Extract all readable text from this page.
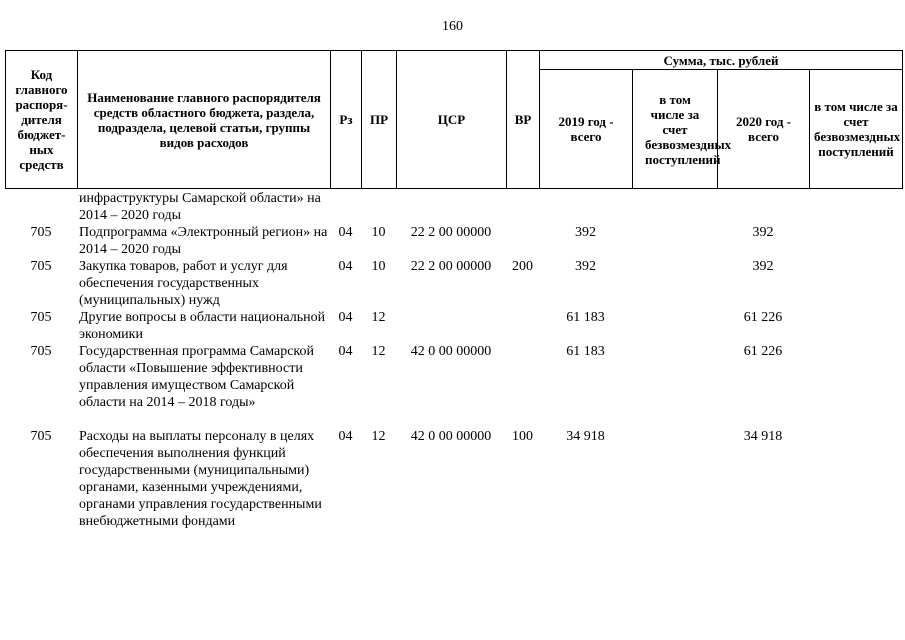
160
Код главного распоря-дителя бюджет-ных средств	Наименование главного распорядителя средств областного бюджета, раздела, подраздела, целевой статьи, группы видов расходов	Рз	ПР	ЦСР	ВР	Сумма, тыс. рублей			
						2019 год - всего	в том числе за счет безвозмездных поступлений	2020 год - всего	в том числе за счет безвозмездных поступлений
	инфраструктуры Самарской области» на 2014 – 2020 годы								
705	Подпрограмма «Электронный регион» на 2014 – 2020 годы	04	10	22 2 00 00000		392		392	
705	Закупка товаров, работ и услуг для обеспечения государственных (муниципальных) нужд	04	10	22 2 00 00000	200	392		392	
705	Другие вопросы в области национальной экономики	04	12			61 183		61 226	
705	Государственная программа Самарской области «Повышение эффективности управления имуществом Самарской области на 2014 – 2018 годы»	04	12	42 0 00 00000		61 183		61 226	
705	Расходы на выплаты персоналу в целях обеспечения выполнения функций государственными (муниципальными) органами, казенными учреждениями, органами управления государственными внебюджетными фондами	04	12	42 0 00 00000	100	34 918		34 918	
